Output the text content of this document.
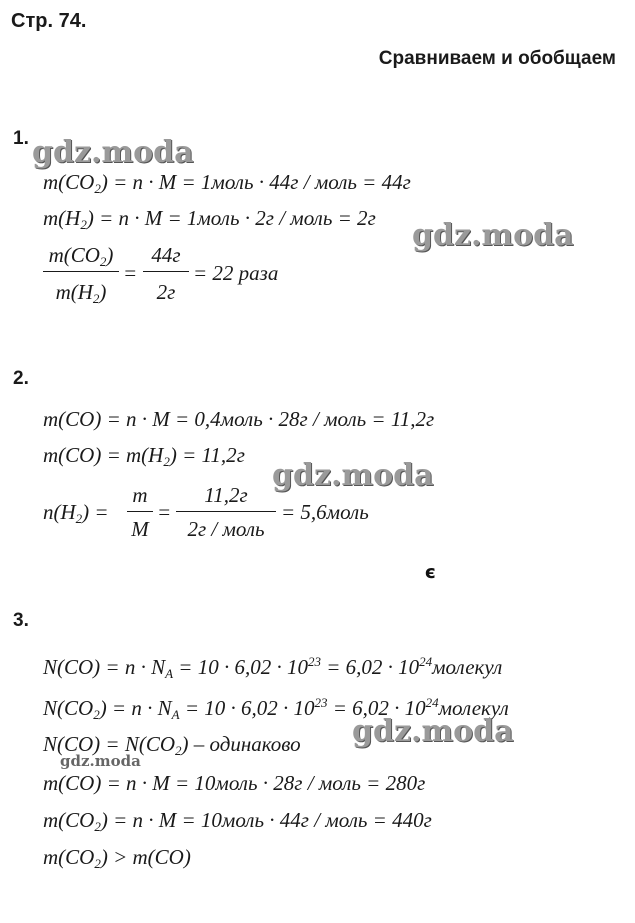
Стр. 74.
Сравниваем и обобщаем
1. gdz.moda
$m(CO_2) = n \cdot M$ = 1моль · 44г / моль = 44г
$m(H_2) = n \cdot M$ = 1моль · 2г / моль = 2г gdz.moda
$m(CO_2)$
$m(H_2)$
=
44г
2г
= 22 раза
2.
m(CO) = n · M = 0,4моль · 28г / моль = 11,2г
$m(CO) = m(H_2) = 11,2г$
gdz.moda
$n(H_2)$ =
m
M
=
11,2г
2г / моль
= 5,6моль
є
3.
$N(CO) = n \cdot N_A = 10 \cdot 6,02 \cdot 10^{23} = 6,02$ · $10^{24}молекул$
$N(CO_2) = n \cdot N_A = 10 \cdot 6,02 \cdot 10^{23} = 6,02$ · $10^{24}молекул$
$N(CO) = N(CO_2)$ – одинаково gdz.moda
gdz.moda
m(CO) = n · M = 10моль · 28г / моль = 280г
$m(CO_2) = n \cdot M$ = 10моль · 44г / моль = 440г
$m(CO_2) > m(CO)$
